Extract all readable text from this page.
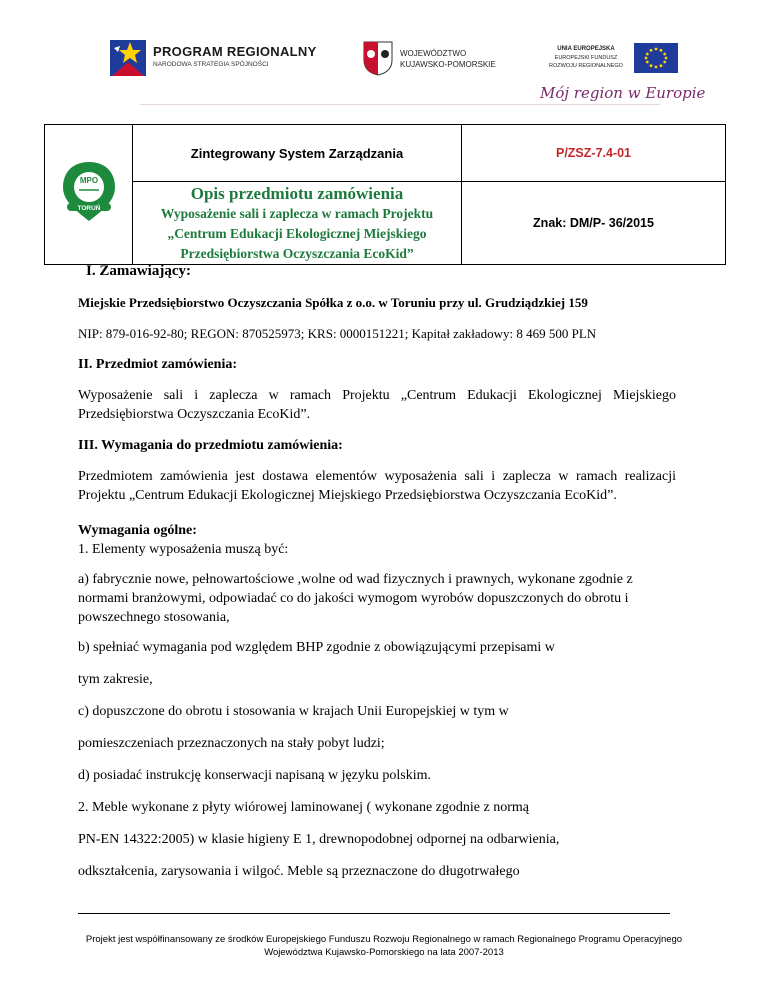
PROGRAM REGIONALNY
NARODOWA STRATEGIA SPÓJNOŚCI
WOJEWÓDZTWO
KUJAWSKO-POMORSKIE
UNIA EUROPEJSKA
EUROPEJSKI FUNDUSZ
ROZWOJU REGIONALNEGO
Mój region w Europie
MPO
TORUŃ	Zintegrowany System Zarządzania	P/ZSZ-7.4-01

	Opis przedmiotu zamówienia
Wyposażenie sali i zaplecza w ramach Projektu
„Centrum Edukacji Ekologicznej Miejskiego
Przedsiębiorstwa Oczyszczania EcoKid”	Znak: DM/P- 36/2015

I. Zamawiający:

Miejskie Przedsiębiorstwo Oczyszczania Spółka z o.o. w Toruniu przy ul. Grudziądzkiej 159

NIP: 879-016-92-80; REGON: 870525973; KRS: 0000151221; Kapitał zakładowy: 8 469 500 PLN

II. Przedmiot zamówienia:

Wyposażenie sali i zaplecza w ramach Projektu „Centrum Edukacji Ekologicznej Miejskiego Przedsiębiorstwa Oczyszczania EcoKid”.

III. Wymagania do przedmiotu zamówienia:

Przedmiotem zamówienia jest dostawa elementów wyposażenia sali i zaplecza w ramach realizacji Projektu „Centrum Edukacji Ekologicznej Miejskiego Przedsiębiorstwa Oczyszczania EcoKid”.

Wymagania ogólne:

1. Elementy wyposażenia muszą być:

a) fabrycznie nowe, pełnowartościowe ,wolne od wad fizycznych i prawnych, wykonane zgodnie z normami branżowymi, odpowiadać co do jakości wymogom wyrobów dopuszczonych do obrotu i powszechnego stosowania,

b) spełniać wymagania pod względem BHP zgodnie z obowiązującymi przepisami w

tym zakresie,

c) dopuszczone do obrotu i stosowania w krajach Unii Europejskiej w tym w

pomieszczeniach przeznaczonych na stały pobyt ludzi;

d) posiadać instrukcję konserwacji napisaną w języku polskim.

2. Meble wykonane z płyty wiórowej laminowanej ( wykonane zgodnie z normą

PN-EN 14322:2005) w klasie higieny E 1, drewnopodobnej odpornej na odbarwienia,

odkształcenia, zarysowania i wilgoć. Meble są przeznaczone do długotrwałego

Projekt jest współfinansowany ze środków Europejskiego Funduszu Rozwoju Regionalnego w ramach Regionalnego Programu Operacyjnego
Województwa Kujawsko-Pomorskiego na lata 2007-2013
